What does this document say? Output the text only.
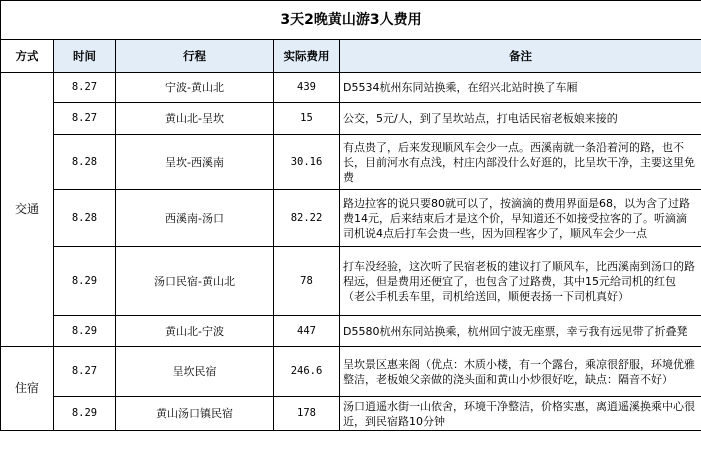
3天2晚黄山游3人费用				
方式	时间	行程	实际费用	备注
交通	8.27	宁波-黄山北	439	D5534杭州东同站换乘，在绍兴北站时换了车厢
	8.27	黄山北-呈坎	15	公交，5元/人，到了呈坎站点，打电话民宿老板娘来接的
	8.28	呈坎-西溪南	30.16	有点贵了，后来发现顺风车会少一点。西溪南就一条沿着河的路，也不长，目前河水有点浅，村庄内部没什么好逛的，比呈坎干净，主要这里免费
	8.28	西溪南-汤口	82.22	路边拉客的说只要80就可以了，按滴滴的费用界面是68，以为含了过路费14元，后来结束后才是这个价，早知道还不如接受拉客的了。听滴滴司机说4点后打车会贵一些，因为回程客少了，顺风车会少一点
	8.29	汤口民宿-黄山北	78	打车没经验，这次听了民宿老板的建议打了顺风车，比西溪南到汤口的路程远，但是费用还便宜了，也包含了过路费，其中15元给司机的红包（老公手机丢车里，司机给送回，顺便表扬一下司机真好）
	8.29	黄山北-宁波	447	D5580杭州东同站换乘，杭州回宁波无座票，幸亏我有远见带了折叠凳
住宿	8.27	呈坎民宿	246.6	呈坎景区惠来阁（优点：木质小楼，有一个露台，乘凉很舒服，环境优雅整洁，老板娘父亲做的浇头面和黄山小炒很好吃，缺点：隔音不好）
	8.29	黄山汤口镇民宿	178	汤口逍遥水街一山依舍，环境干净整洁，价格实惠，离逍遥溪换乘中心很近，到民宿路10分钟
